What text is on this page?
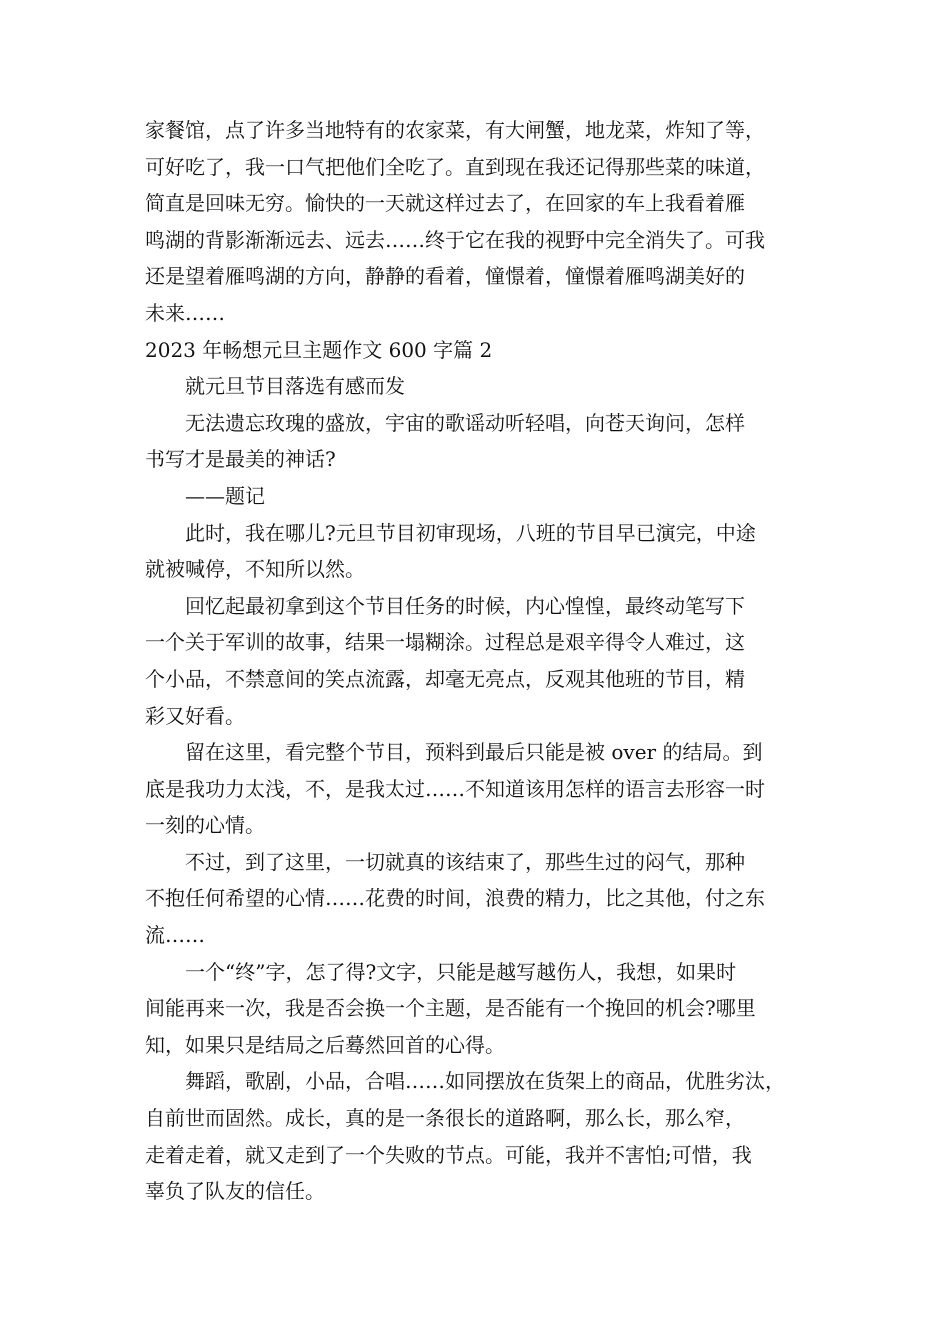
家餐馆，点了许多当地特有的农家菜，有大闸蟹，地龙菜，炸知了等，
可好吃了，我一口气把他们全吃了。直到现在我还记得那些菜的味道，
简直是回味无穷。愉快的一天就这样过去了，在回家的车上我看着雁
鸣湖的背影渐渐远去、远去……终于它在我的视野中完全消失了。可我
还是望着雁鸣湖的方向，静静的看着，憧憬着，憧憬着雁鸣湖美好的
未来……
2023 年畅想元旦主题作文 600 字篇 2
就元旦节目落选有感而发
无法遗忘玫瑰的盛放，宇宙的歌谣动听轻唱，向苍天询问，怎样
书写才是最美的神话?
——题记
此时，我在哪儿?元旦节目初审现场，八班的节目早已演完，中途
就被喊停，不知所以然。
回忆起最初拿到这个节目任务的时候，内心惶惶，最终动笔写下
一个关于军训的故事，结果一塌糊涂。过程总是艰辛得令人难过，这
个小品，不禁意间的笑点流露，却毫无亮点，反观其他班的节目，精
彩又好看。
留在这里，看完整个节目，预料到最后只能是被 over 的结局。到
底是我功力太浅，不，是我太过……不知道该用怎样的语言去形容一时
一刻的心情。
不过，到了这里，一切就真的该结束了，那些生过的闷气，那种
不抱任何希望的心情……花费的时间，浪费的精力，比之其他，付之东
流……
一个“终”字，怎了得?文字，只能是越写越伤人，我想，如果时
间能再来一次，我是否会换一个主题，是否能有一个挽回的机会?哪里
知，如果只是结局之后蓦然回首的心得。
舞蹈，歌剧，小品，合唱……如同摆放在货架上的商品，优胜劣汰，
自前世而固然。成长，真的是一条很长的道路啊，那么长，那么窄，
走着走着，就又走到了一个失败的节点。可能，我并不害怕;可惜，我
辜负了队友的信任。
